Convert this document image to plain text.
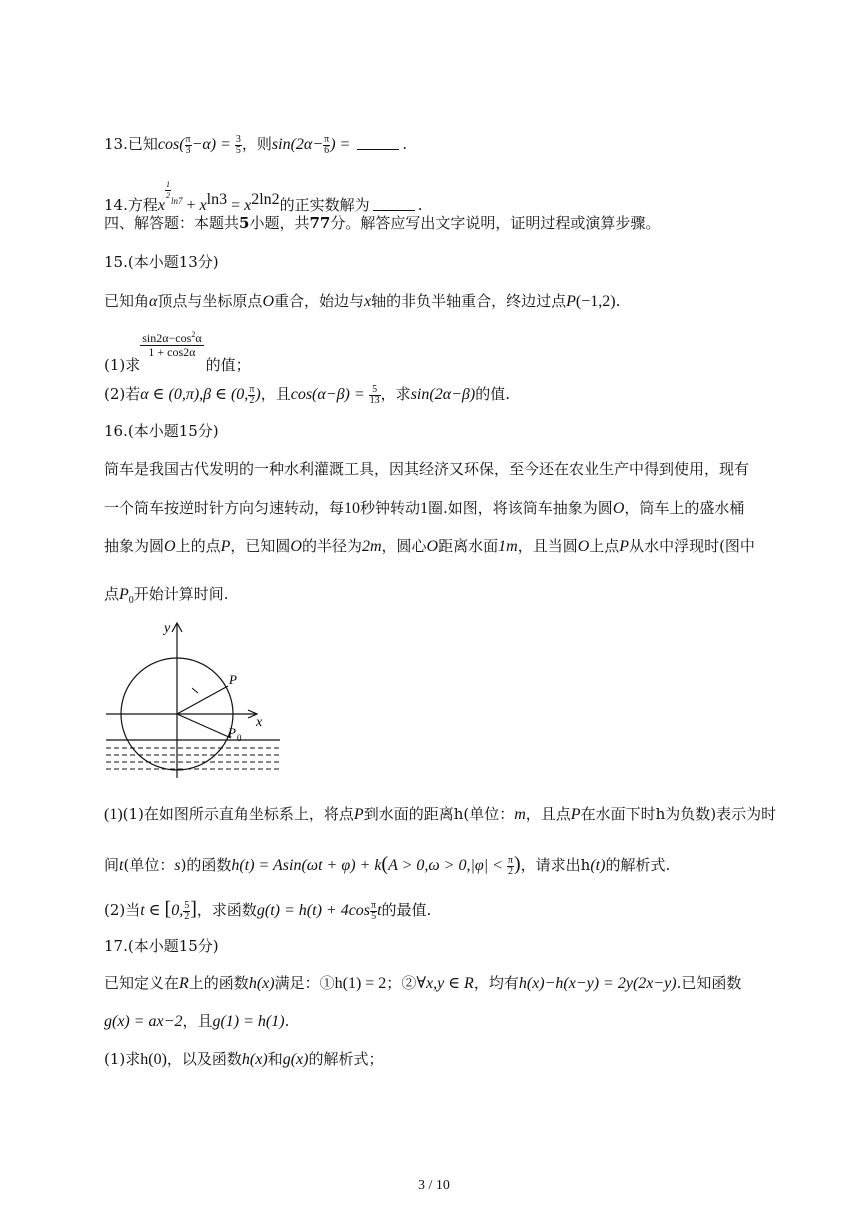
13.已知$\cos( \frac{\pi}{3} -\alpha) = \frac{3}{5}$ ，则$\sin(2\alpha- \frac{\pi}{6}$ ) =	.
14.方程x
$^{\frac{1}{2} ln7} + x^{ln3} = x^{2ln2}$的正实数解为	.
四、解答题：本题共5小题，共77分。解答应写出文字说明，证明过程或演算步骤。
15.(本小题13分)
已知角α顶点与坐标原点O重合，始边与x轴的非负半轴重合，终边过点P(−1,2).
(1)求
$\frac{\sin 2\alpha-\cos^2\alpha}{1 + \cos 2\alpha}$
的值；
(2)若α ∈ (0,π),β ∈ (0, $\frac{\pi}{2}$ )，且$\cos(\alpha-\beta) = \frac{5}{13}$ ，求sin(2α−β)的值.
16.(本小题15分)
筒车是我国古代发明的一种水利灌溉工具，因其经济又环保，至今还在农业生产中得到使用，现有
一个筒车按逆时针方向匀速转动，每10秒钟转动1圈.如图，将该筒车抽象为圆O，筒车上的盛水桶
抽象为圆O上的点P，已知圆O的半径为2m，圆心O距离水面1m，且当圆O上点P从水中浮现时(图中
点$P_0$开始计算时间.
y
x
P
P 0
(1)(1)在如图所示直角坐标系上，将点P到水面的距离h(单位：m，且点P在水面下时h为负数)表示为时
间t(单位：s)的函数$h(t) = Asin(\omega t + \varphi) + k(A > 0,\omega > 0,|\varphi| < \frac{\pi}{2}$ )，请求出h(t)的解析式.
(2)当t ∈ [0, $\frac{5}{2}$ ]，求函数$g(t) = h(t) + 4\cos \frac{\pi}{5}$ t的最值.
17.(本小题15分)
已知定义在R上的函数h(x)满足：①h(1) = 2；②∀x,y ∈ R，均有h(x)−h(x−y) = 2y(2x−y).已知函数
g(x) = ax−2，且g(1) = h(1).
(1)求h(0)，以及函数h(x)和g(x)的解析式；
3 / 10
